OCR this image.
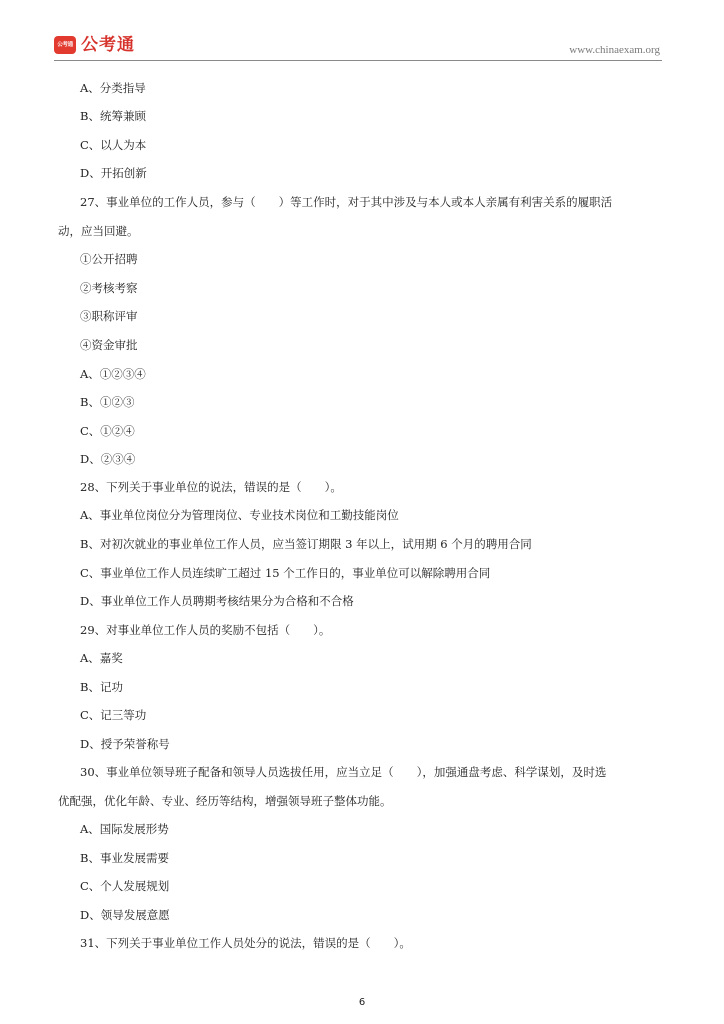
公考通 公考通	www.chinaexam.org
A、分类指导
B、统筹兼顾
C、以人为本
D、开拓创新
27、事业单位的工作人员，参与（　　）等工作时，对于其中涉及与本人或本人亲属有利害关系的履职活
动，应当回避。
①公开招聘
②考核考察
③职称评审
④资金审批
A、①②③④
B、①②③
C、①②④
D、②③④
28、下列关于事业单位的说法，错误的是（　　）。
A、事业单位岗位分为管理岗位、专业技术岗位和工勤技能岗位
B、对初次就业的事业单位工作人员，应当签订期限 3 年以上，试用期 6 个月的聘用合同
C、事业单位工作人员连续旷工超过 15 个工作日的，事业单位可以解除聘用合同
D、事业单位工作人员聘期考核结果分为合格和不合格
29、对事业单位工作人员的奖励不包括（　　）。
A、嘉奖
B、记功
C、记三等功
D、授予荣誉称号
30、事业单位领导班子配备和领导人员选拔任用，应当立足（　　），加强通盘考虑、科学谋划，及时选
优配强，优化年龄、专业、经历等结构，增强领导班子整体功能。
A、国际发展形势
B、事业发展需要
C、个人发展规划
D、领导发展意愿
31、下列关于事业单位工作人员处分的说法，错误的是（　　）。
6
